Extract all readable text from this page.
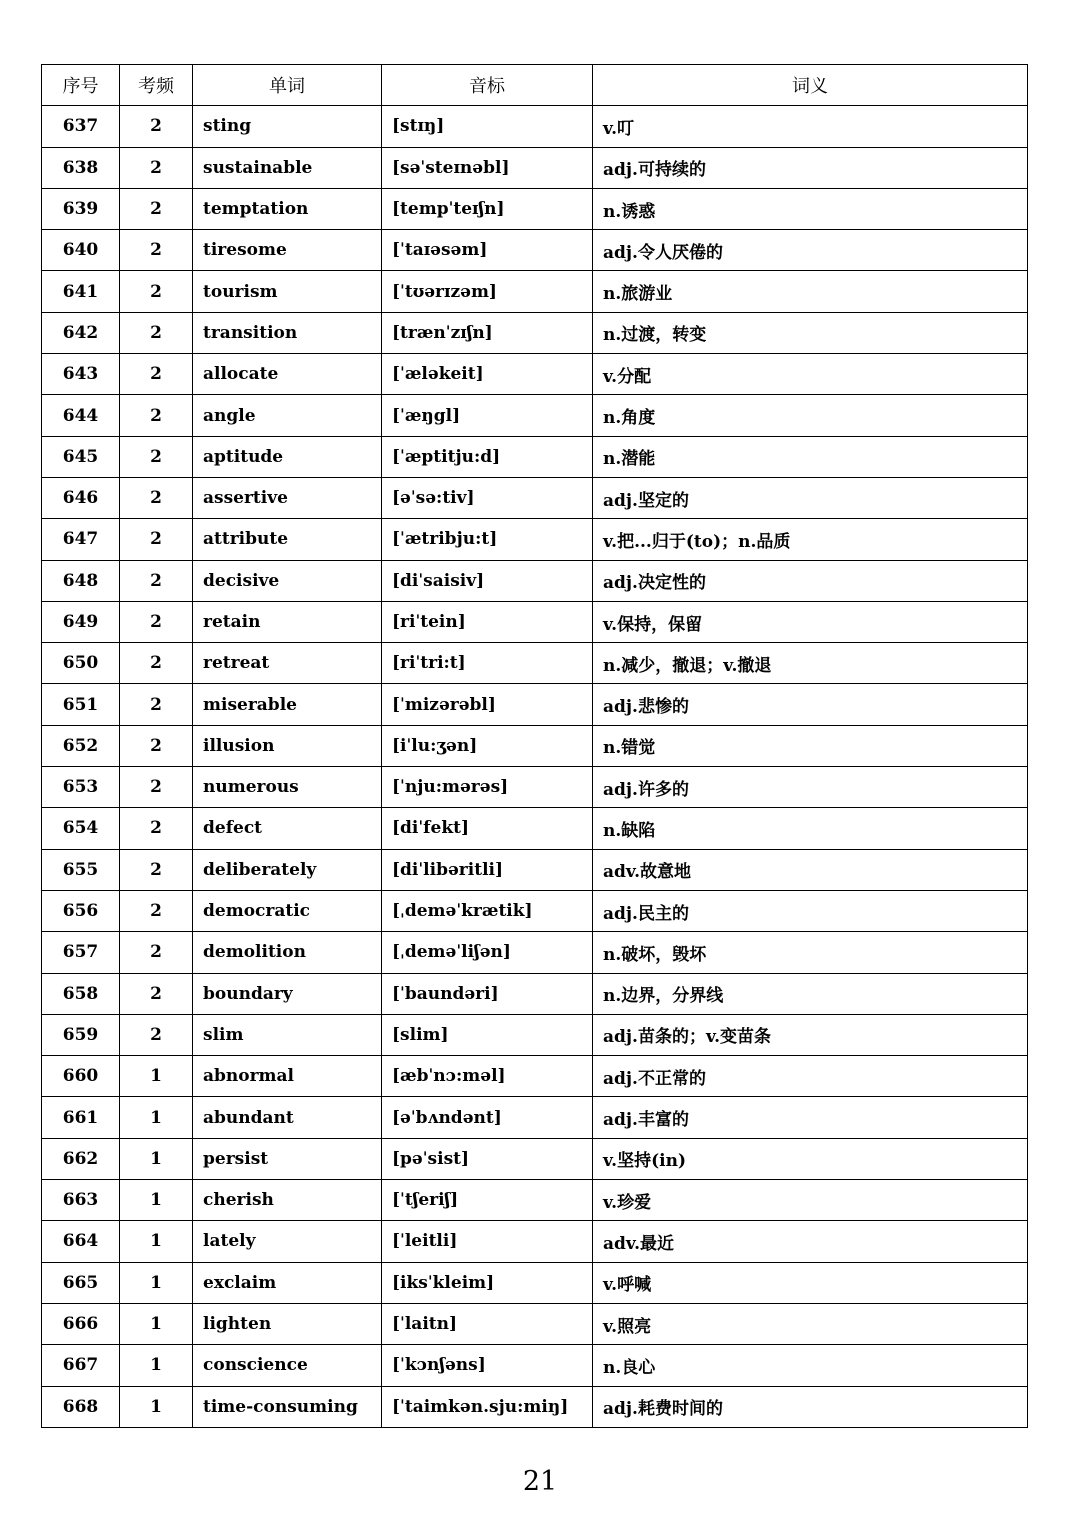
序号	考频	单词	音标	词义
637	2	sting	[stɪŋ]	v.叮
638	2	sustainable	[səˈsteɪnəbl]	adj.可持续的
639	2	temptation	[tempˈteɪʃn]	n.诱惑
640	2	tiresome	[ˈtaɪəsəm]	adj.令人厌倦的
641	2	tourism	[ˈtʊərɪzəm]	n.旅游业
642	2	transition	[trænˈzɪʃn]	n.过渡，转变
643	2	allocate	[ˈæləkeit]	v.分配
644	2	angle	[ˈæŋgl]	n.角度
645	2	aptitude	[ˈæptitju:d]	n.潜能
646	2	assertive	[əˈsə:tiv]	adj.坚定的
647	2	attribute	[ˈætribju:t]	v.把...归于(to)；n.品质
648	2	decisive	[diˈsaisiv]	adj.决定性的
649	2	retain	[riˈtein]	v.保持，保留
650	2	retreat	[riˈtri:t]	n.减少，撤退；v.撤退
651	2	miserable	[ˈmizərəbl]	adj.悲惨的
652	2	illusion	[iˈlu:ʒən]	n.错觉
653	2	numerous	[ˈnju:mərəs]	adj.许多的
654	2	defect	[diˈfekt]	n.缺陷
655	2	deliberately	[diˈlibəritli]	adv.故意地
656	2	democratic	[ˌdeməˈkrætik]	adj.民主的
657	2	demolition	[ˌdeməˈliʃən]	n.破坏，毁坏
658	2	boundary	[ˈbaundəri]	n.边界，分界线
659	2	slim	[slim]	adj.苗条的；v.变苗条
660	1	abnormal	[æbˈnɔ:məl]	adj.不正常的
661	1	abundant	[əˈbʌndənt]	adj.丰富的
662	1	persist	[pəˈsist]	v.坚持(in)
663	1	cherish	[ˈtʃeriʃ]	v.珍爱
664	1	lately	[ˈleitli]	adv.最近
665	1	exclaim	[iksˈkleim]	v.呼喊
666	1	lighten	[ˈlaitn]	v.照亮
667	1	conscience	[ˈkɔnʃəns]	n.良心
668	1	time-consuming	[ˈtaimkən.sju:miŋ]	adj.耗费时间的
21
